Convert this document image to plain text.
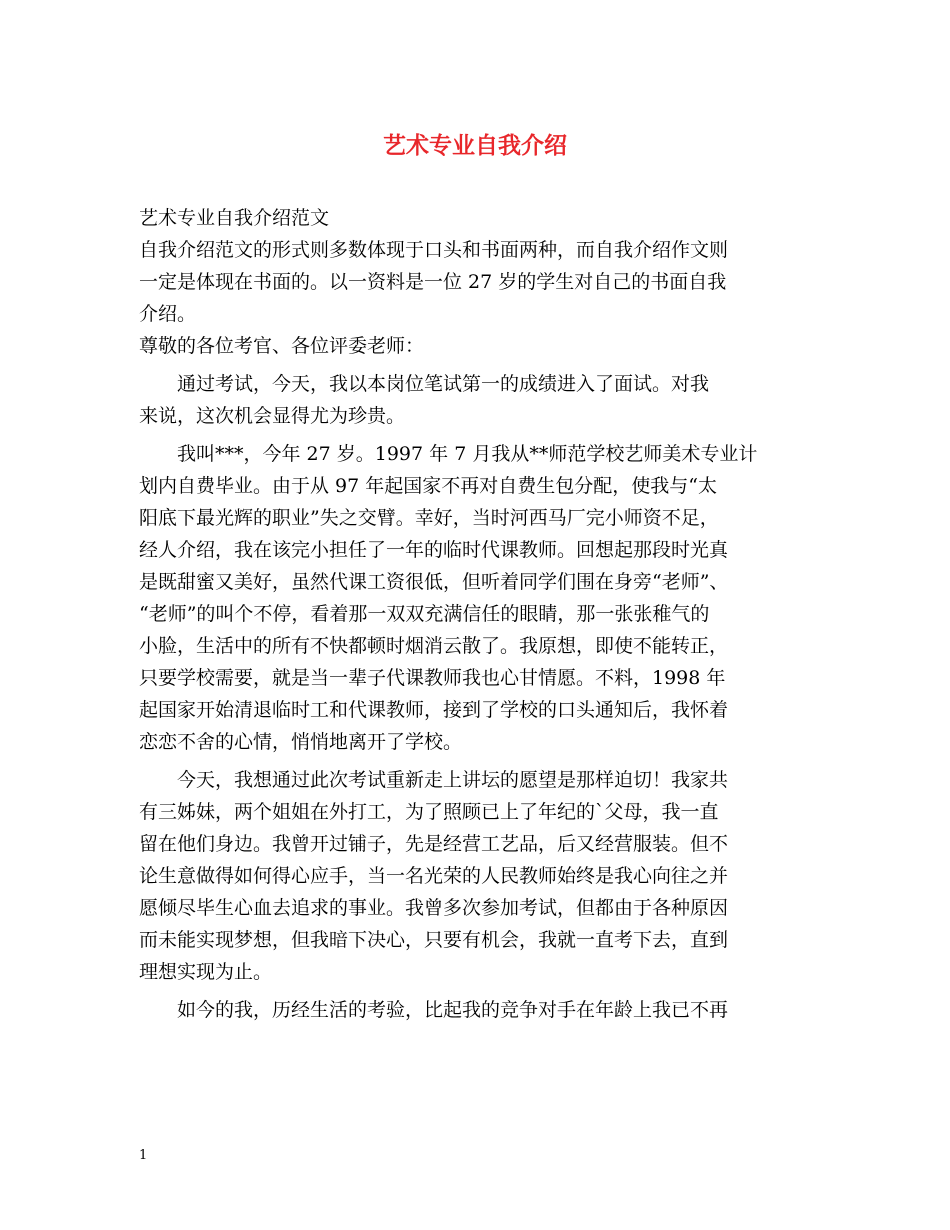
艺术专业自我介绍
艺术专业自我介绍范文
自我介绍范文的形式则多数体现于口头和书面两种，而自我介绍作文则
一定是体现在书面的。以一资料是一位 27 岁的学生对自己的书面自我
介绍。
尊敬的各位考官、各位评委老师：
　　通过考试，今天，我以本岗位笔试第一的成绩进入了面试。对我
来说，这次机会显得尤为珍贵。
　　我叫***，今年 27 岁。1997 年 7 月我从**师范学校艺师美术专业计
划内自费毕业。由于从 97 年起国家不再对自费生包分配，使我与“太
阳底下最光辉的职业”失之交臂。幸好，当时河西马厂完小师资不足，
经人介绍，我在该完小担任了一年的临时代课教师。回想起那段时光真
是既甜蜜又美好，虽然代课工资很低，但听着同学们围在身旁“老师”、
“老师”的叫个不停，看着那一双双充满信任的眼睛，那一张张稚气的
小脸，生活中的所有不快都顿时烟消云散了。我原想，即使不能转正，
只要学校需要，就是当一辈子代课教师我也心甘情愿。不料，1998 年
起国家开始清退临时工和代课教师，接到了学校的口头通知后，我怀着
恋恋不舍的心情，悄悄地离开了学校。
　　今天，我想通过此次考试重新走上讲坛的愿望是那样迫切！我家共
有三姊妹，两个姐姐在外打工，为了照顾已上了年纪的`父母，我一直
留在他们身边。我曾开过铺子，先是经营工艺品，后又经营服装。但不
论生意做得如何得心应手，当一名光荣的人民教师始终是我心向往之并
愿倾尽毕生心血去追求的事业。我曾多次参加考试，但都由于各种原因
而未能实现梦想，但我暗下决心，只要有机会，我就一直考下去，直到
理想实现为止。
　　如今的我，历经生活的考验，比起我的竞争对手在年龄上我已不再
1
